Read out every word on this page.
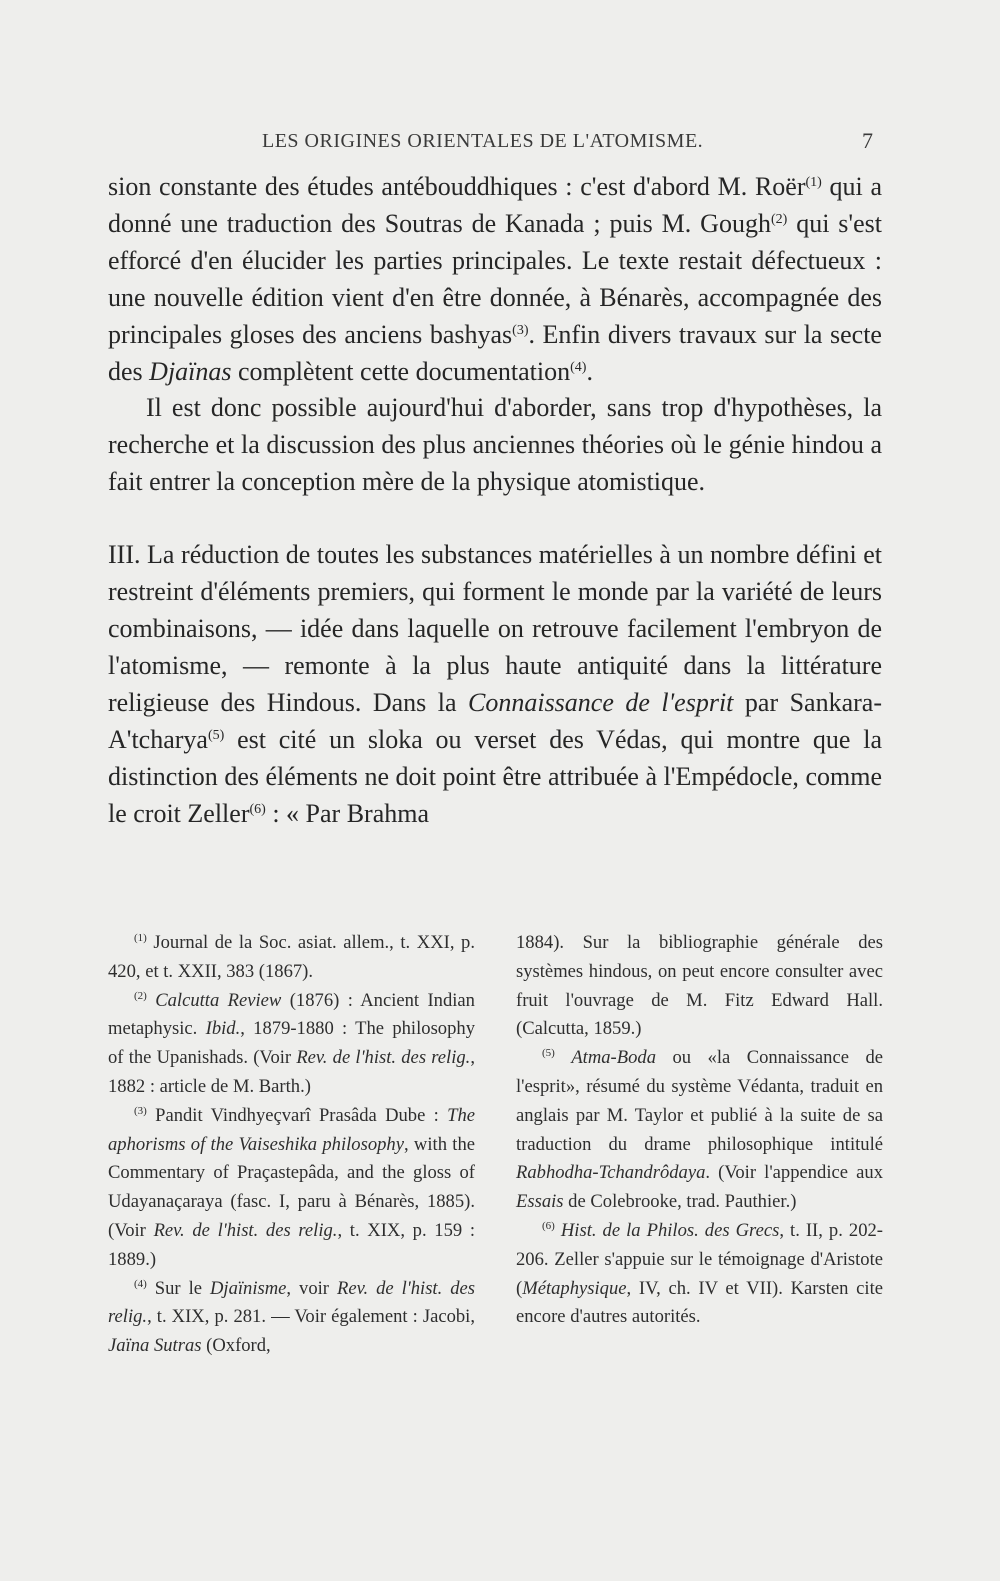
LES ORIGINES ORIENTALES DE L'ATOMISME.	7

sion constante des études antébouddhiques : c'est d'abord M. Roër$^{(1)}$ qui a donné une traduction des Soutras de Kanada ; puis M. Gough$^{(2)}$ qui s'est efforcé d'en élucider les parties principales. Le texte restait défectueux : une nouvelle édition vient d'en être donnée, à Bénarès, accompagnée des principales gloses des anciens bashyas$^{(3)}$. Enfin divers travaux sur la secte des Djaïnas complètent cette documentation$^{(4)}$.

Il est donc possible aujourd'hui d'aborder, sans trop d'hypothèses, la recherche et la discussion des plus anciennes théories où le génie hindou a fait entrer la conception mère de la physique atomistique.

III. La réduction de toutes les substances matérielles à un nombre défini et restreint d'éléments premiers, qui forment le monde par la variété de leurs combinaisons, — idée dans laquelle on retrouve facilement l'embryon de l'atomisme, — remonte à la plus haute antiquité dans la littérature religieuse des Hindous. Dans la Connaissance de l'esprit par Sankara-A'tcharya$^{(5)}$ est cité un sloka ou verset des Védas, qui montre que la distinction des éléments ne doit point être attribuée à l'Empédocle, comme le croit Zeller$^{(6)}$ : « Par Brahma

$^{(1)}$ Journal de la Soc. asiat. allem., t. XXI, p. 420, et t. XXII, 383 (1867).

$^{(2)}$ Calcutta Review (1876) : Ancient Indian metaphysic. Ibid., 1879-1880 : The philosophy of the Upanishads. (Voir Rev. de l'hist. des relig., 1882 : article de M. Barth.)

$^{(3)}$ Pandit Vindhyeçvarî Prasâda Dube : The aphorisms of the Vaiseshika philosophy, with the Commentary of Praçastepâda, and the gloss of Udayanaçaraya (fasc. I, paru à Bénarès, 1885). (Voir Rev. de l'hist. des relig., t. XIX, p. 159 : 1889.)

$^{(4)}$ Sur le Djaïnisme, voir Rev. de l'hist. des relig., t. XIX, p. 281. — Voir également : Jacobi, Jaïna Sutras (Oxford,

1884). Sur la bibliographie générale des systèmes hindous, on peut encore consulter avec fruit l'ouvrage de M. Fitz Edward Hall. (Calcutta, 1859.)

$^{(5)}$ Atma-Boda ou «la Connaissance de l'esprit», résumé du système Védanta, traduit en anglais par M. Taylor et publié à la suite de sa traduction du drame philosophique intitulé Rabhodha-Tchandrôdaya. (Voir l'appendice aux Essais de Colebrooke, trad. Pauthier.)

$^{(6)}$ Hist. de la Philos. des Grecs, t. II, p. 202-206. Zeller s'appuie sur le témoignage d'Aristote (Métaphysique, IV, ch. IV et VII). Karsten cite encore d'autres autorités.
